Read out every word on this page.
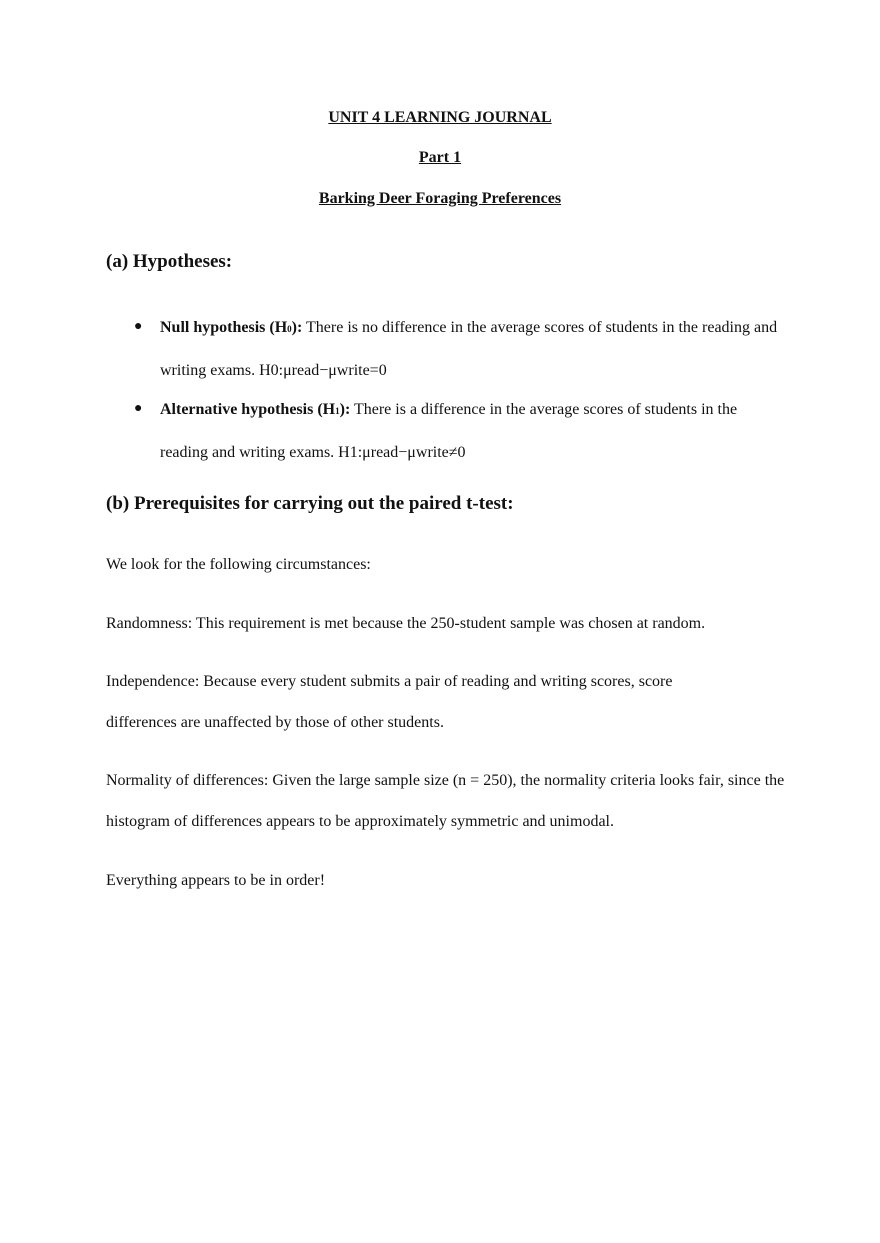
UNIT 4 LEARNING JOURNAL
Part 1
Barking Deer Foraging Preferences
(a) Hypotheses:
● Null hypothesis (H0): There is no difference in the average scores of students in the reading and writing exams. H0:μread−μwrite=0
● Alternative hypothesis (H1): There is a difference in the average scores of students in the reading and writing exams. H1:μread−μwrite≠0
(b) Prerequisites for carrying out the paired t-test:
We look for the following circumstances:
Randomness: This requirement is met because the 250-student sample was chosen at random.
Independence: Because every student submits a pair of reading and writing scores, score differences are unaffected by those of other students.
Normality of differences: Given the large sample size (n = 250), the normality criteria looks fair, since the histogram of differences appears to be approximately symmetric and unimodal.
Everything appears to be in order!
